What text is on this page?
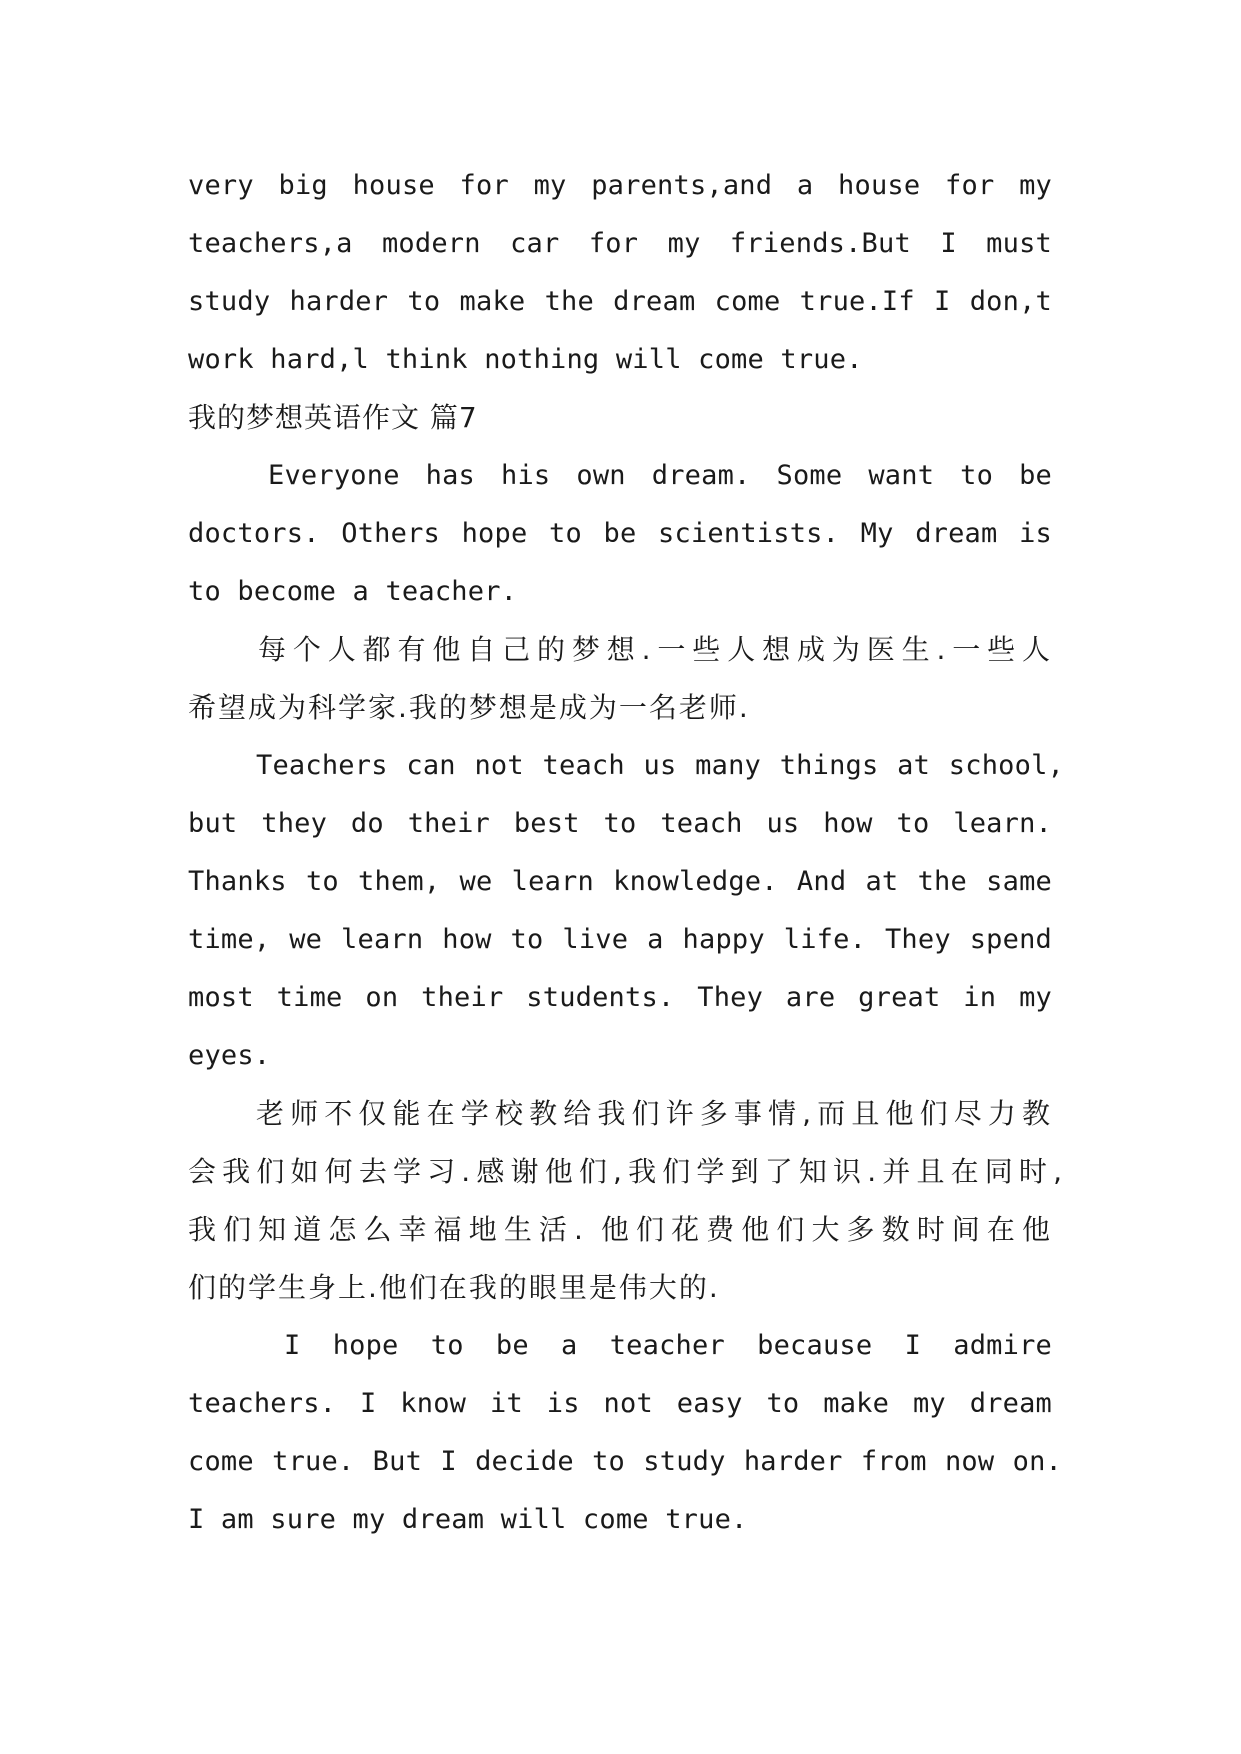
very big house for my parents,and a house for my
teachers,a modern car for my friends.But I must
study harder to make the dream come true.If I don,t
work hard,l think nothing will come true.
我的梦想英语作文 篇7
Everyone has his own dream. Some want to be
doctors. Others hope to be scientists. My dream is
to become a teacher.
每个人都有他自己的梦想.一些人想成为医生.一些人
希望成为科学家.我的梦想是成为一名老师.
Teachers can not teach us many things at school,
but they do their best to teach us how to learn.
Thanks to them, we learn knowledge. And at the same
time, we learn how to live a happy life. They spend
most time on their students. They are great in my
eyes.
老师不仅能在学校教给我们许多事情,而且他们尽力教
会我们如何去学习.感谢他们,我们学到了知识.并且在同时,
我们知道怎么幸福地生活. 他们花费他们大多数时间在他
们的学生身上.他们在我的眼里是伟大的.
I hope to be a teacher because I admire
teachers. I know it is not easy to make my dream
come true. But I decide to study harder from now on.
I am sure my dream will come true.
